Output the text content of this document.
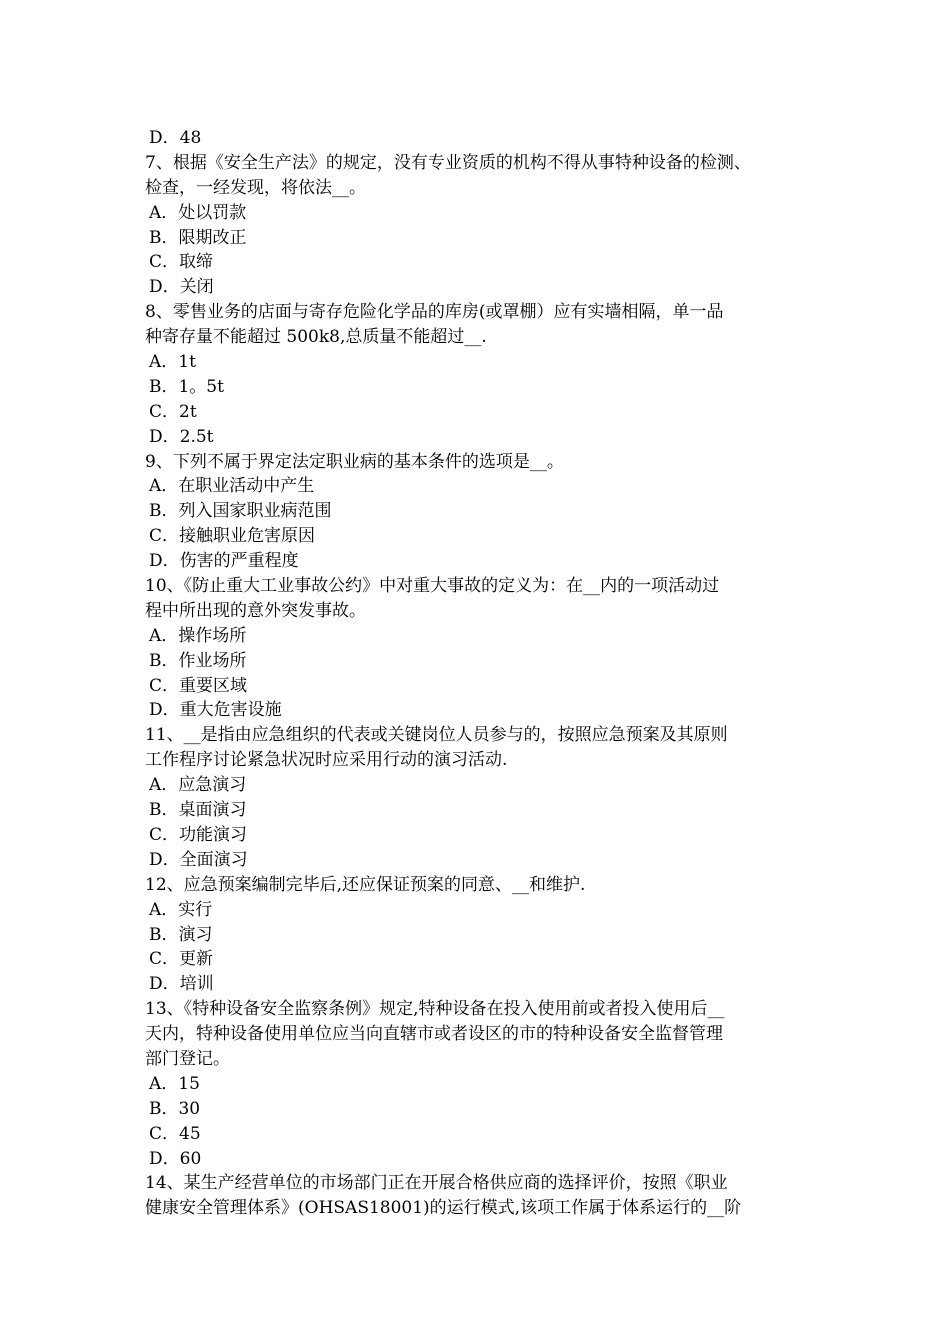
D．48
7、根据《安全生产法》的规定，没有专业资质的机构不得从事特种设备的检测、
检查，一经发现，将依法__。
A．处以罚款
B．限期改正
C．取缔
D．关闭
8、零售业务的店面与寄存危险化学品的库房(或罩棚）应有实墙相隔，单一品
种寄存量不能超过 500k8,总质量不能超过__.
A．1t
B．1。5t
C．2t
D．2.5t
9、下列不属于界定法定职业病的基本条件的选项是__。
A．在职业活动中产生
B．列入国家职业病范围
C．接触职业危害原因
D．伤害的严重程度
10、《防止重大工业事故公约》中对重大事故的定义为：在__内的一项活动过
程中所出现的意外突发事故。
A．操作场所
B．作业场所
C．重要区域
D．重大危害设施
11、__是指由应急组织的代表或关键岗位人员参与的，按照应急预案及其原则
工作程序讨论紧急状况时应采用行动的演习活动.
A．应急演习
B．桌面演习
C．功能演习
D．全面演习
12、应急预案编制完毕后,还应保证预案的同意、__和维护.
A．实行
B．演习
C．更新
D．培训
13、《特种设备安全监察条例》规定,特种设备在投入使用前或者投入使用后__
天内，特种设备使用单位应当向直辖市或者设区的市的特种设备安全监督管理
部门登记。
A．15
B．30
C．45
D．60
14、某生产经营单位的市场部门正在开展合格供应商的选择评价，按照《职业
健康安全管理体系》(OHSAS18001)的运行模式,该项工作属于体系运行的__阶
